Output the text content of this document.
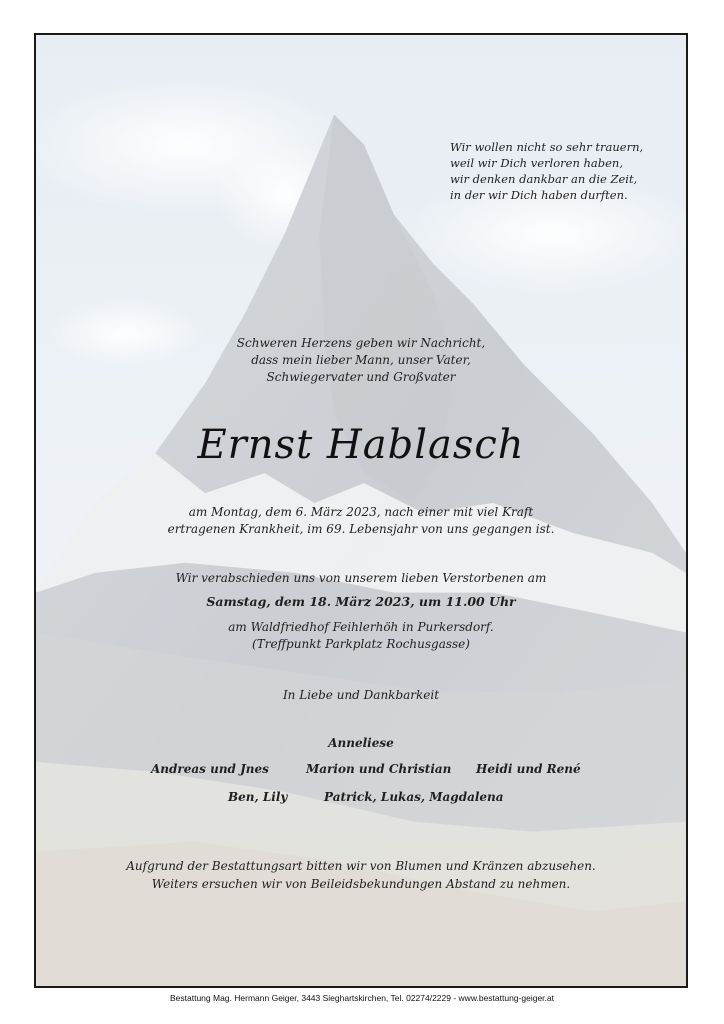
Wir wollen nicht so sehr trauern,
weil wir Dich verloren haben,
wir denken dankbar an die Zeit,
in der wir Dich haben durften.
Schweren Herzens geben wir Nachricht,
dass mein lieber Mann, unser Vater,
Schwiegervater und Großvater
Ernst Hablasch
am Montag, dem 6. März 2023, nach einer mit viel Kraft
ertragenen Krankheit, im 69. Lebensjahr von uns gegangen ist.
Wir verabschieden uns von unserem lieben Verstorbenen am
Samstag, dem 18. März 2023, um 11.00 Uhr
am Waldfriedhof Feihlerhöh in Purkersdorf.
(Treffpunkt Parkplatz Rochusgasse)
In Liebe und Dankbarkeit
Anneliese
Andreas und Jnes	Marion und Christian Heidi und René
Ben, Lily	Patrick, Lukas, Magdalena
Aufgrund der Bestattungsart bitten wir von Blumen und Kränzen abzusehen.
Weiters ersuchen wir von Beileidsbekundungen Abstand zu nehmen.
Bestattung Mag. Hermann Geiger, 3443 Sieghartskirchen, Tel. 02274/2229 - www.bestattung-geiger.at
